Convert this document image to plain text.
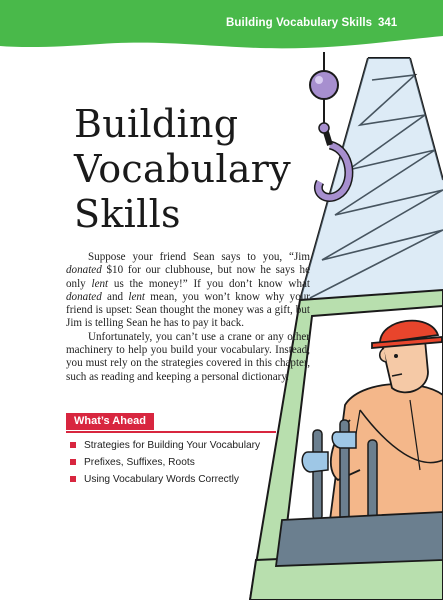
Building Vocabulary Skills 341
Building
Vocabulary
Skills

Suppose your friend Sean says to you, “Jim donated $10 for our clubhouse, but now he says he only lent us the money!” If you don’t know what donated and lent mean, you won’t know why your friend is upset: Sean thought the money was a gift, but Jim is telling Sean he has to pay it back.

Unfortunately, you can’t use a crane or any other machinery to help you build your vocabulary. Instead, you must rely on the strategies covered in this chapter, such as reading and keeping a personal dictionary.

What’s Ahead
Strategies for Building Your Vocabulary
Prefixes, Suffixes, Roots
Using Vocabulary Words Correctly
